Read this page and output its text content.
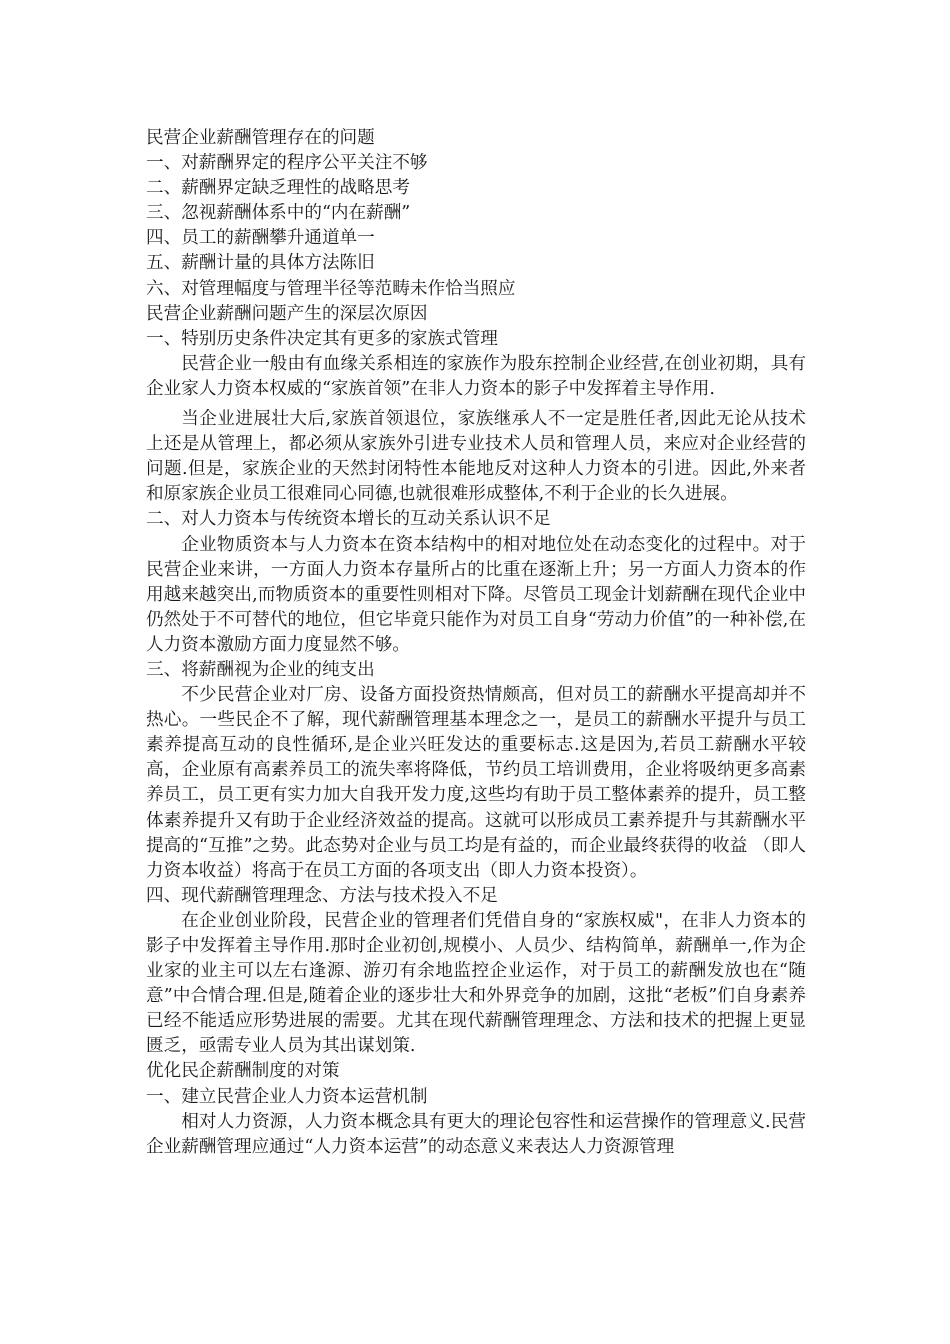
民营企业薪酬管理存在的问题

一、对薪酬界定的程序公平关注不够

二、薪酬界定缺乏理性的战略思考

三、忽视薪酬体系中的“内在薪酬”

四、员工的薪酬攀升通道单一

五、薪酬计量的具体方法陈旧

六、对管理幅度与管理半径等范畴未作恰当照应

民营企业薪酬问题产生的深层次原因

一、特别历史条件决定其有更多的家族式管理

民营企业一般由有血缘关系相连的家族作为股东控制企业经营,在创业初期，具有企业家人力资本权威的“家族首领”在非人力资本的影子中发挥着主导作用.

当企业进展壮大后,家族首领退位，家族继承人不一定是胜任者,因此无论从技术上还是从管理上，都必须从家族外引进专业技术人员和管理人员，来应对企业经营的问题.但是，家族企业的天然封闭特性本能地反对这种人力资本的引进。因此,外来者和原家族企业员工很难同心同德,也就很难形成整体,不利于企业的长久进展。

二、对人力资本与传统资本增长的互动关系认识不足

企业物质资本与人力资本在资本结构中的相对地位处在动态变化的过程中。对于民营企业来讲，一方面人力资本存量所占的比重在逐渐上升；另一方面人力资本的作用越来越突出,而物质资本的重要性则相对下降。尽管员工现金计划薪酬在现代企业中仍然处于不可替代的地位，但它毕竟只能作为对员工自身“劳动力价值”的一种补偿,在人力资本激励方面力度显然不够。

三、将薪酬视为企业的纯支出

不少民营企业对厂房、设备方面投资热情颇高，但对员工的薪酬水平提高却并不热心。一些民企不了解，现代薪酬管理基本理念之一，是员工的薪酬水平提升与员工素养提高互动的良性循环,是企业兴旺发达的重要标志.这是因为,若员工薪酬水平较高，企业原有高素养员工的流失率将降低，节约员工培训费用，企业将吸纳更多高素养员工，员工更有实力加大自我开发力度,这些均有助于员工整体素养的提升，员工整体素养提升又有助于企业经济效益的提高。这就可以形成员工素养提升与其薪酬水平提高的“互推”之势。此态势对企业与员工均是有益的，而企业最终获得的收益 （即人力资本收益）将高于在员工方面的各项支出（即人力资本投资）。

四、现代薪酬管理理念、方法与技术投入不足

在企业创业阶段，民营企业的管理者们凭借自身的“家族权威"，在非人力资本的影子中发挥着主导作用.那时企业初创,规模小、人员少、结构简单，薪酬单一,作为企业家的业主可以左右逢源、游刃有余地监控企业运作，对于员工的薪酬发放也在“随意”中合情合理.但是,随着企业的逐步壮大和外界竞争的加剧，这批“老板”们自身素养已经不能适应形势进展的需要。尤其在现代薪酬管理理念、方法和技术的把握上更显匮乏，亟需专业人员为其出谋划策.

优化民企薪酬制度的对策

一、建立民营企业人力资本运营机制

相对人力资源，人力资本概念具有更大的理论包容性和运营操作的管理意义.民营企业薪酬管理应通过“人力资本运营”的动态意义来表达人力资源管理
